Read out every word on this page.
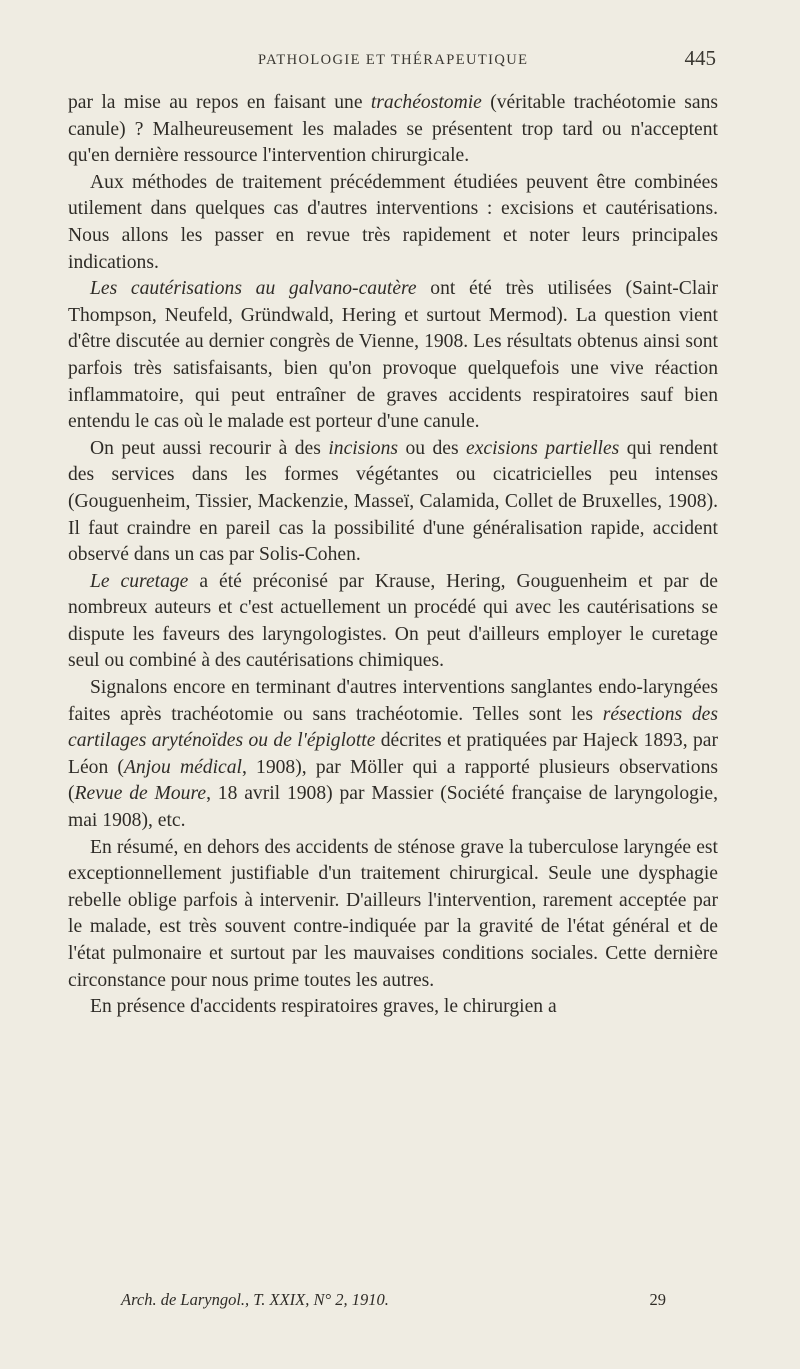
PATHOLOGIE ET THÉRAPEUTIQUE	445

par la mise au repos en faisant une trachéostomie (véritable trachéotomie sans canule) ? Malheureusement les malades se présentent trop tard ou n'acceptent qu'en dernière ressource l'intervention chirurgicale.

Aux méthodes de traitement précédemment étudiées peuvent être combinées utilement dans quelques cas d'autres interventions : excisions et cautérisations. Nous allons les passer en revue très rapidement et noter leurs principales indications.

Les cautérisations au galvano-cautère ont été très utilisées (Saint-Clair Thompson, Neufeld, Gründwald, Hering et surtout Mermod). La question vient d'être discutée au dernier congrès de Vienne, 1908. Les résultats obtenus ainsi sont parfois très satisfaisants, bien qu'on provoque quelquefois une vive réaction inflammatoire, qui peut entraîner de graves accidents respiratoires sauf bien entendu le cas où le malade est porteur d'une canule.

On peut aussi recourir à des incisions ou des excisions partielles qui rendent des services dans les formes végétantes ou cicatricielles peu intenses (Gouguenheim, Tissier, Mackenzie, Masseï, Calamida, Collet de Bruxelles, 1908). Il faut craindre en pareil cas la possibilité d'une généralisation rapide, accident observé dans un cas par Solis-Cohen.

Le curetage a été préconisé par Krause, Hering, Gouguenheim et par de nombreux auteurs et c'est actuellement un procédé qui avec les cautérisations se dispute les faveurs des laryngologistes. On peut d'ailleurs employer le curetage seul ou combiné à des cautérisations chimiques.

Signalons encore en terminant d'autres interventions sanglantes endo-laryngées faites après trachéotomie ou sans trachéotomie. Telles sont les résections des cartilages aryténoïdes ou de l'épiglotte décrites et pratiquées par Hajeck 1893, par Léon (Anjou médical, 1908), par Möller qui a rapporté plusieurs observations (Revue de Moure, 18 avril 1908) par Massier (Société française de laryngologie, mai 1908), etc.

En résumé, en dehors des accidents de sténose grave la tuberculose laryngée est exceptionnellement justifiable d'un traitement chirurgical. Seule une dysphagie rebelle oblige parfois à intervenir. D'ailleurs l'intervention, rarement acceptée par le malade, est très souvent contre-indiquée par la gravité de l'état général et de l'état pulmonaire et surtout par les mauvaises conditions sociales. Cette dernière circonstance pour nous prime toutes les autres.

En présence d'accidents respiratoires graves, le chirurgien a

Arch. de Laryngol., T. XXIX, N° 2, 1910.	29
